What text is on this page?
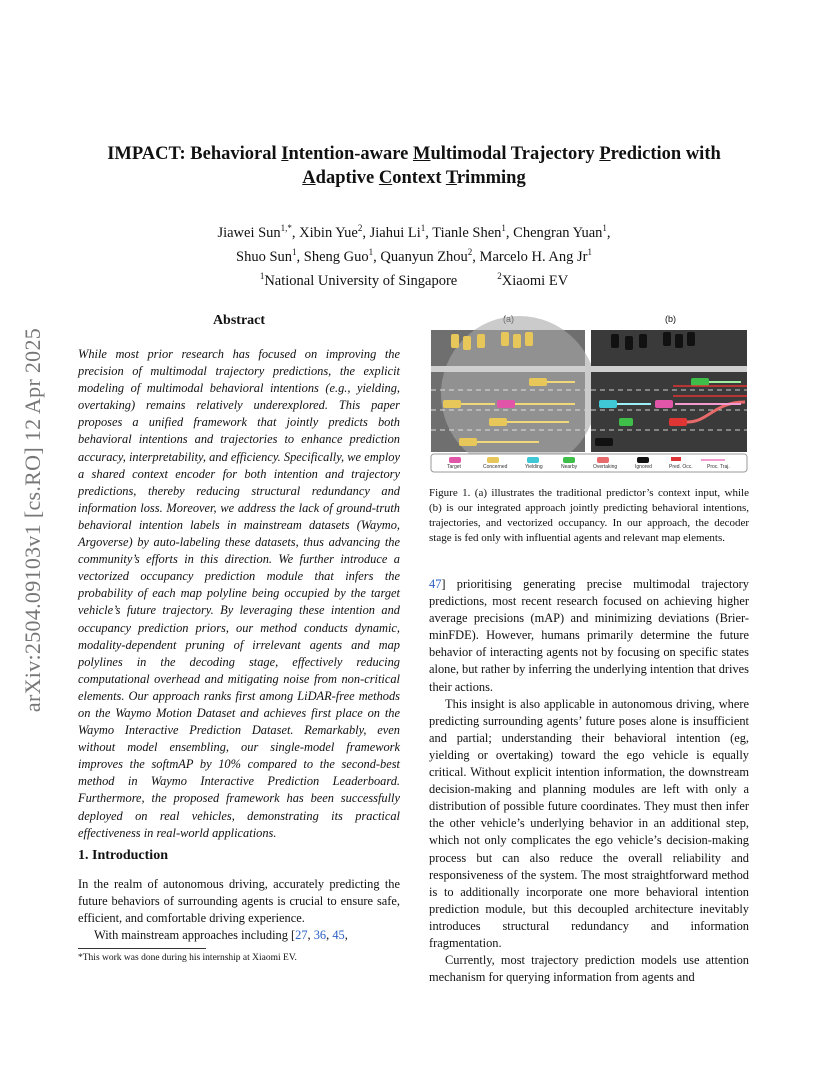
arXiv:2504.09103v1 [cs.RO] 12 Apr 2025
IMPACT: Behavioral Intention-aware Multimodal Trajectory Prediction with
Adaptive Context Trimming
Jiawei Sun$^{1,*}$, Xibin Yue$^2$, Jiahui Li$^1$, Tianle Shen$^1$, Chengran Yuan$^1$,
Shuo Sun$^1$, Sheng Guo$^1$, Quanyun Zhou$^2$, Marcelo H. Ang Jr$^1$
$^1$National University of Singapore	$^2$Xiaomi EV
Abstract

While most prior research has focused on improving the precision of multimodal trajectory predictions, the explicit modeling of multimodal behavioral intentions (e.g., yielding, overtaking) remains relatively underexplored. This paper proposes a unified framework that jointly predicts both behavioral intentions and trajectories to enhance prediction accuracy, interpretability, and efficiency. Specifically, we employ a shared context encoder for both intention and trajectory predictions, thereby reducing structural redundancy and information loss. Moreover, we address the lack of ground-truth behavioral intention labels in mainstream datasets (Waymo, Argoverse) by auto-labeling these datasets, thus advancing the community’s efforts in this direction. We further introduce a vectorized occupancy prediction module that infers the probability of each map polyline being occupied by the target vehicle’s future trajectory. By leveraging these intention and occupancy prediction priors, our method conducts dynamic, modality-dependent pruning of irrelevant agents and map polylines in the decoding stage, effectively reducing computational overhead and mitigating noise from non-critical elements. Our approach ranks first among LiDAR-free methods on the Waymo Motion Dataset and achieves first place on the Waymo Interactive Prediction Dataset. Remarkably, even without model ensembling, our single-model framework improves the softmAP by 10% compared to the second-best method in Waymo Interactive Prediction Leaderboard. Furthermore, the proposed framework has been successfully deployed on real vehicles, demonstrating its practical effectiveness in real-world applications.

1. Introduction

In the realm of autonomous driving, accurately predicting the future behaviors of surrounding agents is crucial to ensure safe, efficient, and comfortable driving experience.

With mainstream approaches including [27, 36, 45,

*This work was done during his internship at Xiaomi EV.
(b)
Target	Concerned	Yielding	Nearby	Overtaking	Ignored	Pred. Occ.	Proc. Traj.
Figure 1. (a) illustrates the traditional predictor’s context input, while (b) is our integrated approach jointly predicting behavioral intentions, trajectories, and vectorized occupancy. In our approach, the decoder stage is fed only with influential agents and relevant map elements.

47] prioritising generating precise multimodal trajectory predictions, most recent research focused on achieving higher average precisions (mAP) and minimizing deviations (Brier-minFDE). However, humans primarily determine the future behavior of interacting agents not by focusing on specific states alone, but rather by inferring the underlying intention that drives their actions.

This insight is also applicable in autonomous driving, where predicting surrounding agents’ future poses alone is insufficient and partial; understanding their behavioral intention (eg, yielding or overtaking) toward the ego vehicle is equally critical. Without explicit intention information, the downstream decision-making and planning modules are left with only a distribution of possible future coordinates. They must then infer the other vehicle’s underlying behavior in an additional step, which not only complicates the ego vehicle’s decision-making process but can also reduce the overall reliability and responsiveness of the system. The most straightforward method is to additionally incorporate one more behavioral intention prediction module, but this decoupled architecture inevitably introduces structural redundancy and information fragmentation.

Currently, most trajectory prediction models use attention mechanism for querying information from agents and
